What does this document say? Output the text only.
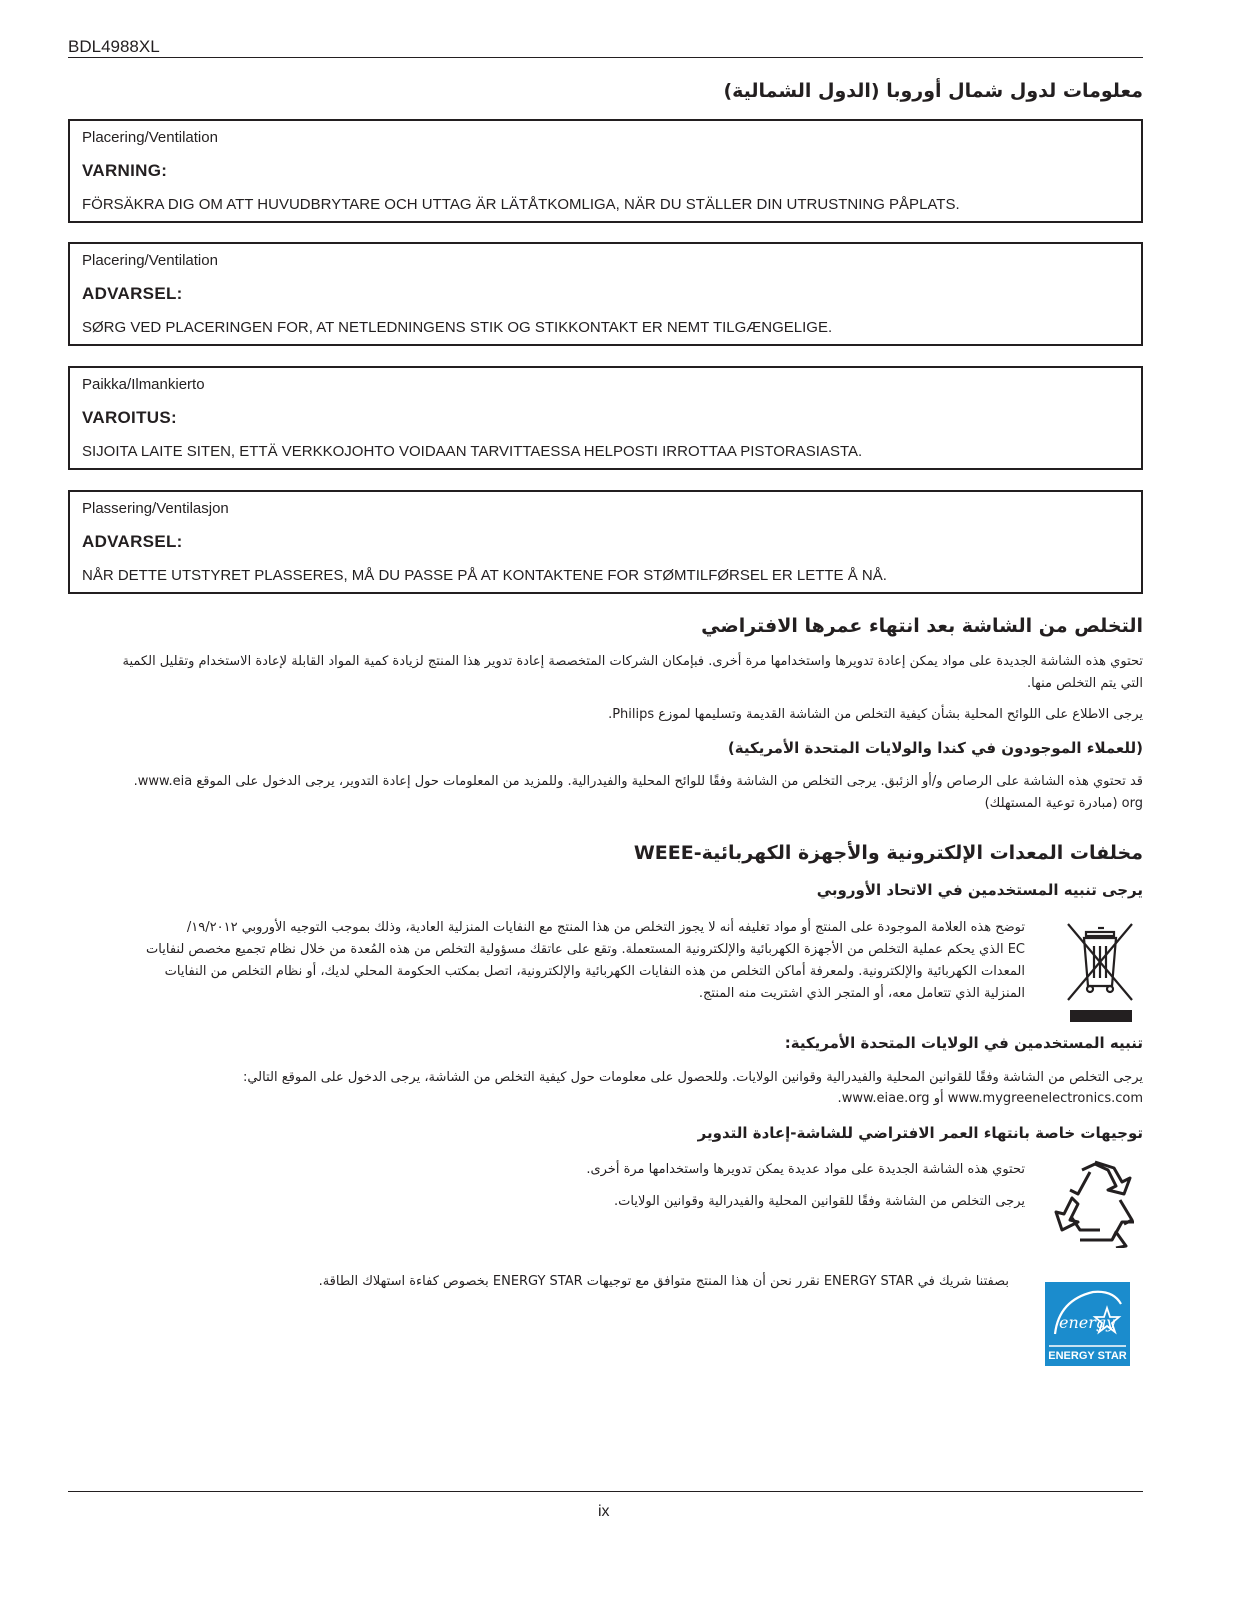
BDL4988XL
معلومات لدول شمال أوروبا (الدول الشمالية)
Placering/Ventilation
VARNING:
FÖRSÄKRA DIG OM ATT HUVUDBRYTARE OCH UTTAG ÄR LÄTÅTKOMLIGA, NÄR DU STÄLLER DIN UTRUSTNING PÅPLATS.
Placering/Ventilation
ADVARSEL:
SØRG VED PLACERINGEN FOR, AT NETLEDNINGENS STIK OG STIKKONTAKT ER NEMT TILGÆNGELIGE.
Paikka/Ilmankierto
VAROITUS:
SIJOITA LAITE SITEN, ETTÄ VERKKOJOHTO VOIDAAN TARVITTAESSA HELPOSTI IRROTTAA PISTORASIASTA.
Plassering/Ventilasjon
ADVARSEL:
NÅR DETTE UTSTYRET PLASSERES, MÅ DU PASSE PÅ AT KONTAKTENE FOR STØMTILFØRSEL ER LETTE Å NÅ.
التخلص من الشاشة بعد انتهاء عمرها الافتراضي
تحتوي هذه الشاشة الجديدة على مواد يمكن إعادة تدويرها واستخدامها مرة أخرى. فبإمكان الشركات المتخصصة إعادة تدوير هذا المنتج لزيادة كمية المواد القابلة لإعادة الاستخدام وتقليل الكمية
التي يتم التخلص منها.
يرجى الاطلاع على اللوائح المحلية بشأن كيفية التخلص من الشاشة القديمة وتسليمها لموزع Philips.
(للعملاء الموجودون في كندا والولايات المتحدة الأمريكية)
قد تحتوي هذه الشاشة على الرصاص و/أو الزئبق. يرجى التخلص من الشاشة وفقًا للوائح المحلية والفيدرالية. وللمزيد من المعلومات حول إعادة التدوير، يرجى الدخول على الموقع www.eia.
org (مبادرة توعية المستهلك)
مخلفات المعدات الإلكترونية والأجهزة الكهربائية-WEEE
يرجى تنبيه المستخدمين في الاتحاد الأوروبي
توضح هذه العلامة الموجودة على المنتج أو مواد تغليفه أنه لا يجوز التخلص من هذا المنتج مع النفايات المنزلية العادية، وذلك بموجب التوجيه الأوروبي ١٩/٢٠١٢/
EC الذي يحكم عملية التخلص من الأجهزة الكهربائية والإلكترونية المستعملة. وتقع على عاتقك مسؤولية التخلص من هذه المُعدة من خلال نظام تجميع مخصص لنفايات
المعدات الكهربائية والإلكترونية. ولمعرفة أماكن التخلص من هذه النفايات الكهربائية والإلكترونية، اتصل بمكتب الحكومة المحلي لديك، أو نظام التخلص من النفايات
المنزلية الذي تتعامل معه، أو المتجر الذي اشتريت منه المنتج.
تنبيه المستخدمين في الولايات المتحدة الأمريكية:
يرجى التخلص من الشاشة وفقًا للقوانين المحلية والفيدرالية وقوانين الولايات. وللحصول على معلومات حول كيفية التخلص من الشاشة، يرجى الدخول على الموقع التالي:
www.mygreenelectronics.com أو www.eiae.org.
توجيهات خاصة بانتهاء العمر الافتراضي للشاشة-إعادة التدوير
تحتوي هذه الشاشة الجديدة على مواد عديدة يمكن تدويرها واستخدامها مرة أخرى.
يرجى التخلص من الشاشة وفقًا للقوانين المحلية والفيدرالية وقوانين الولايات.
بصفتنا شريك في ENERGY STAR نقرر نحن أن هذا المنتج متوافق مع توجيهات ENERGY STAR بخصوص كفاءة استهلاك الطاقة.
energy
ENERGY STAR
ix
